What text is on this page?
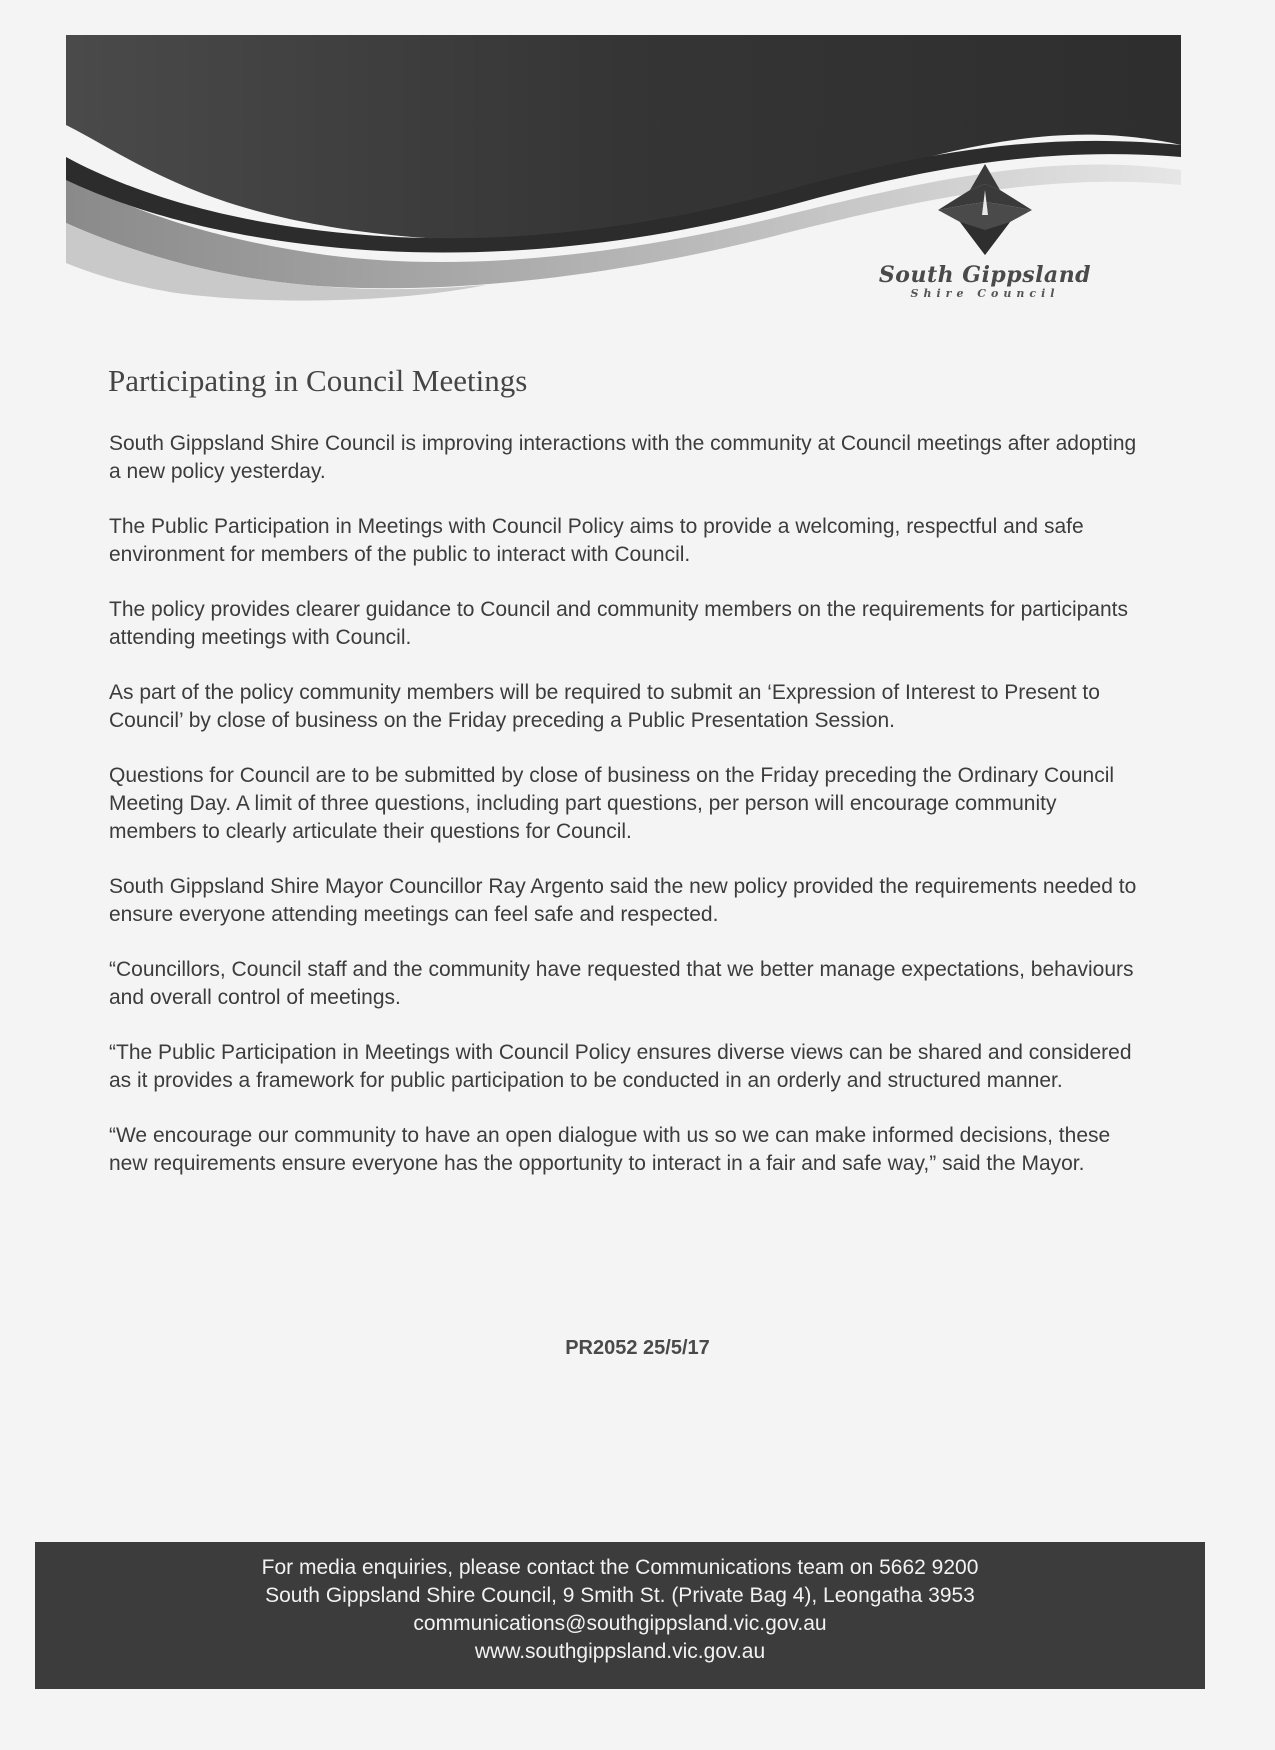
South Gippsland
Shire Council
Participating in Council Meetings

South Gippsland Shire Council is improving interactions with the community at Council meetings after adopting a new policy yesterday.

The Public Participation in Meetings with Council Policy aims to provide a welcoming, respectful and safe environment for members of the public to interact with Council.

The policy provides clearer guidance to Council and community members on the requirements for participants attending meetings with Council.

As part of the policy community members will be required to submit an ‘Expression of Interest to Present to Council’ by close of business on the Friday preceding a Public Presentation Session.

Questions for Council are to be submitted by close of business on the Friday preceding the Ordinary Council Meeting Day. A limit of three questions, including part questions, per person will encourage community members to clearly articulate their questions for Council.

South Gippsland Shire Mayor Councillor Ray Argento said the new policy provided the requirements needed to ensure everyone attending meetings can feel safe and respected.

“Councillors, Council staff and the community have requested that we better manage expectations, behaviours and overall control of meetings.

“The Public Participation in Meetings with Council Policy ensures diverse views can be shared and considered as it provides a framework for public participation to be conducted in an orderly and structured manner.

“We encourage our community to have an open dialogue with us so we can make informed decisions, these new requirements ensure everyone has the opportunity to interact in a fair and safe way,” said the Mayor.

PR2052 25/5/17
For media enquiries, please contact the Communications team on 5662 9200
South Gippsland Shire Council, 9 Smith St. (Private Bag 4), Leongatha 3953
communications@southgippsland.vic.gov.au
www.southgippsland.vic.gov.au
